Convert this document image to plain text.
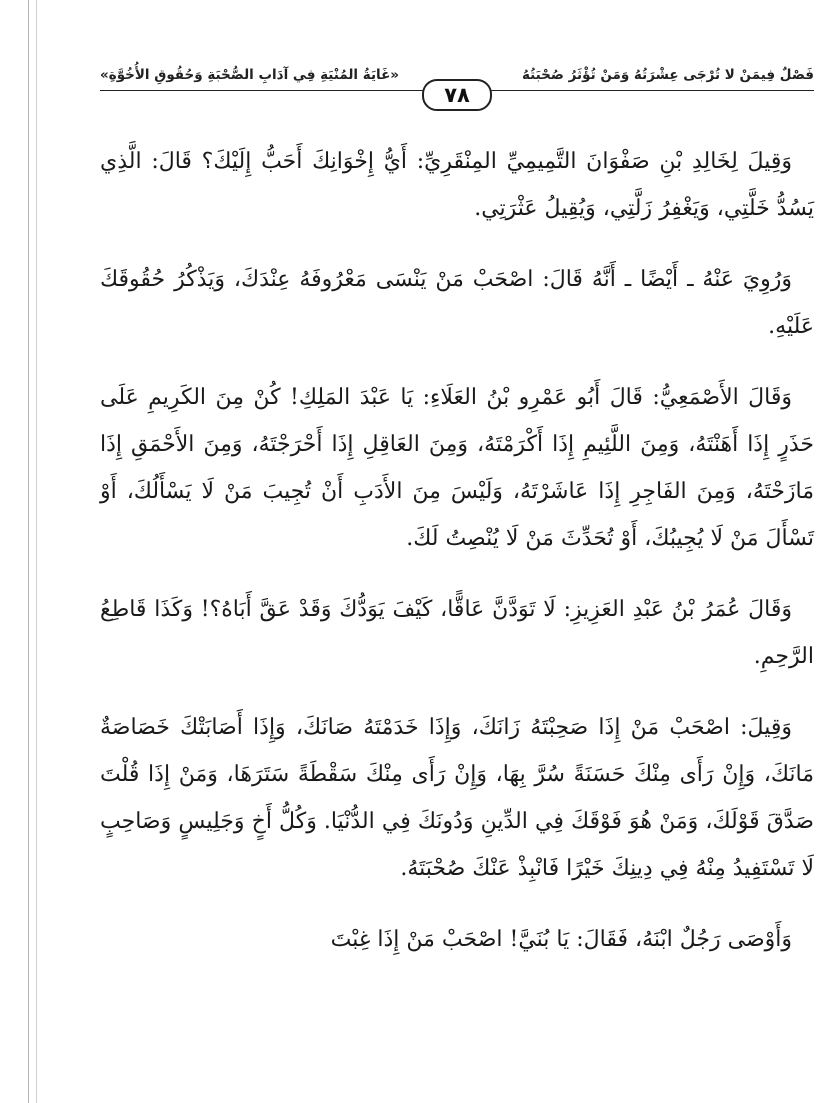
فَصْلٌ فِيمَنْ لا تُرْجَى عِشْرَتُهُ وَمَنْ تُؤْثَرُ صُحْبَتُهُ
«غَايَةُ المُنْيَةِ فِي آدَابِ الصُّحْبَةِ وَحُقُوقِ الأُخُوَّةِ»
٧٨

وَقِيلَ لِخَالِدِ بْنِ صَفْوَانَ التَّمِيمِيِّ المِنْقَرِيِّ: أَيُّ إِخْوَانِكَ أَحَبُّ إِلَيْكَ؟ قَالَ: الَّذِي يَسُدُّ خَلَّتِي، وَيَغْفِرُ زَلَّتِي، وَيُقِيلُ عَثْرَتِي.

وَرُوِيَ عَنْهُ ـ أَيْضًا ـ أَنَّهُ قَالَ: اصْحَبْ مَنْ يَنْسَى مَعْرُوفَهُ عِنْدَكَ، وَيَذْكُرُ حُقُوقَكَ عَلَيْهِ.

وَقَالَ الأَصْمَعِيُّ: قَالَ أَبُو عَمْرِو بْنُ العَلَاءِ: يَا عَبْدَ المَلِكِ! كُنْ مِنَ الكَرِيمِ عَلَى حَذَرٍ إِذَا أَهَنْتَهُ، وَمِنَ اللَّئِيمِ إِذَا أَكْرَمْتَهُ، وَمِنَ العَاقِلِ إِذَا أَحْرَجْتَهُ، وَمِنَ الأَحْمَقِ إِذَا مَازَحْتَهُ، وَمِنَ الفَاجِرِ إِذَا عَاشَرْتَهُ، وَلَيْسَ مِنَ الأَدَبِ أَنْ تُجِيبَ مَنْ لَا يَسْأَلُكَ، أَوْ تَسْأَلَ مَنْ لَا يُجِيبُكَ، أَوْ تُحَدِّثَ مَنْ لَا يُنْصِتُ لَكَ.

وَقَالَ عُمَرُ بْنُ عَبْدِ العَزِيزِ: لَا تَوَدَّنَّ عَاقًّا، كَيْفَ يَوَدُّكَ وَقَدْ عَقَّ أَبَاهُ؟! وَكَذَا قَاطِعُ الرَّحِمِ.

وَقِيلَ: اصْحَبْ مَنْ إِذَا صَحِبْتَهُ زَانَكَ، وَإِذَا خَدَمْتَهُ صَانَكَ، وَإِذَا أَصَابَتْكَ خَصَاصَةٌ مَانَكَ، وَإِنْ رَأَى مِنْكَ حَسَنَةً سُرَّ بِهَا، وَإِنْ رَأَى مِنْكَ سَقْطَةً سَتَرَهَا، وَمَنْ إِذَا قُلْتَ صَدَّقَ قَوْلَكَ، وَمَنْ هُوَ فَوْقَكَ فِي الدِّينِ وَدُونَكَ فِي الدُّنْيَا. وَكُلُّ أَخٍ وَجَلِيسٍ وَصَاحِبٍ لَا تَسْتَفِيدُ مِنْهُ فِي دِينِكَ خَيْرًا فَانْبِذْ عَنْكَ صُحْبَتَهُ.

وَأَوْصَى رَجُلٌ ابْنَهُ، فَقَالَ: يَا بُنَيَّ! اصْحَبْ مَنْ إِذَا غِبْتَ
